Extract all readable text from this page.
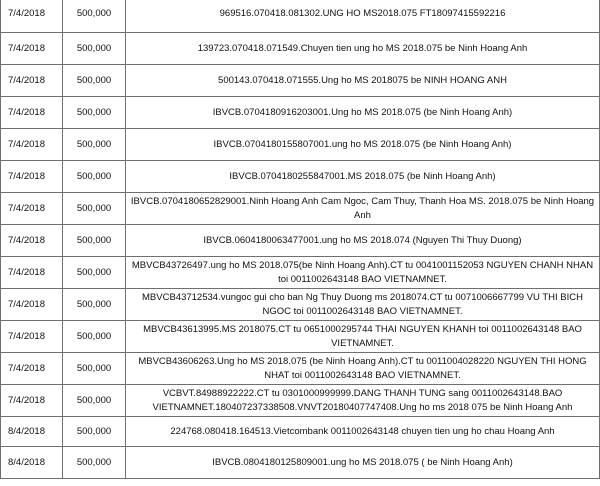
7/4/2018	500,000	969516.070418.081302.UNG HO MS2018.075 FT18097415592216
7/4/2018	500,000	139723.070418.071549.Chuyen tien ung ho MS 2018.075 be Ninh Hoang Anh
7/4/2018	500,000	500143.070418.071555.Ung ho MS 2018075 be NINH HOANG ANH
7/4/2018	500,000	IBVCB.0704180916203001.Ung ho MS 2018.075 (be Ninh Hoang Anh)
7/4/2018	500,000	IBVCB.0704180155807001.ung ho MS 2018.075 (be Ninh Hoang Anh)
7/4/2018	500,000	IBVCB.0704180255847001.MS 2018.075 (be Ninh Hoang Anh)
7/4/2018	500,000	IBVCB.0704180652829001.Ninh Hoang Anh Cam Ngoc, Cam Thuy, Thanh Hoa MS. 2018.075 be Ninh Hoang Anh
7/4/2018	500,000	IBVCB.0604180063477001.ung ho MS 2018.074 (Nguyen Thi Thuy Duong)
7/4/2018	500,000	MBVCB43726497.ung ho MS 2018.075(be Ninh Hoang Anh).CT tu 0041001152053 NGUYEN CHANH NHAN toi 0011002643148 BAO VIETNAMNET.
7/4/2018	500,000	MBVCB43712534.vungoc gui cho ban Ng Thuy Duong ms 2018074.CT tu 0071006667799 VU THI BICH NGOC toi 0011002643148 BAO VIETNAMNET.
7/4/2018	500,000	MBVCB43613995.MS 2018075.CT tu 0651000295744 THAI NGUYEN KHANH toi 0011002643148 BAO VIETNAMNET.
7/4/2018	500,000	MBVCB43606263.Ung ho MS 2018.075 (be Ninh Hoang Anh).CT tu 0011004028220 NGUYEN THI HONG NHAT toi 0011002643148 BAO VIETNAMNET.
7/4/2018	500,000	VCBVT.84988922222.CT tu 0301000999999.DANG THANH TUNG sang 0011002643148.BAO VIETNAMNET.180407237338508.VNVT20180407747408.Ung ho ms 2018 075 be Ninh Hoang Anh
8/4/2018	500,000	224768.080418.164513.Vietcombank 0011002643148 chuyen tien ung ho chau Hoang Anh
8/4/2018	500,000	IBVCB.0804180125809001.ung ho MS 2018.075 ( be Ninh Hoang Anh)
